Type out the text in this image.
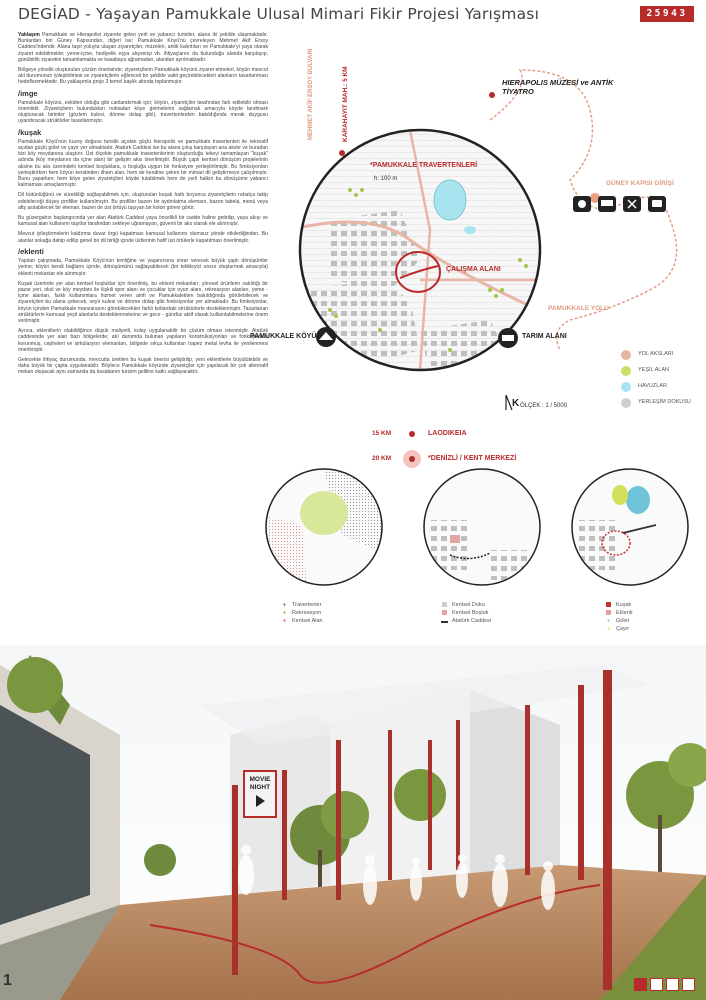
DEGİAD - Yaşayan Pamukkale Ulusal Mimari Fikir Projesi Yarışması	25943

Yaklaşım Pamukkale ve Hierapolisi ziyarete gelen yerli ve yabancı turistler, alana iki şekilde ulaşmaktadır. Bunlardan biri Güney Kapısından, diğeri ise; Pamukkale Köyü'nü çevreleyen Mehmet Akif Ersoy Caddesi'ndendir. Alana taşıt yoluyla ulaşan ziyaretçiler, müzeleri, antik kalıntıları ve Pamukkale'yi yaya olarak ziyaret edebilmekte; yeme-içme, hediyelik eşya alışverişi vb. ihtiyaçlarını da bulunduğu alanda karşılayıp, günübirlik ziyaretini tamamlamakta ve kasabaya uğramadan, alandan ayrılmaktadır.

Bölgeye yönelik oluşturulan çözüm önerisinde; ziyaretçilerin Pamukkale köyünü ziyaret etmeleri, köyün mevcut atıl durumunun iyileştirilmesi ve ziyaretçilerin eğlenceli bir şekilde vakit geçirebilecekleri alanların tasarlanması hedeflenmektedir. Bu yaklaşımla proje 3 temel başlık altında toplanmıştır.

/imge

Pamukkale köyünü, eskiden olduğu gibi canlandırmak için; köyün, ziyaretçiler tarafından fark edilebilir olması önemlidir. Ziyaretçilerin bulundukları noktadan köye gelmelerini sağlamak amacıyla köyde landmark oluşturacak birimler (gözlem kulesi, dönme dolap gibi), travertenlerden bakıldığında merak duygusu uyandıracak strüktürler tasarlanmıştır.

/kuşak

Pamukkale Köyü'nün kuzey doğusu turistik açıdan güçlü hierapolis ve pamukkale travertenleri ile rekreatif açıdan güçlü gölet ve çayır yer almaktadır. Atatürk Caddesi ise bu alana çıkış karşılayan ana akstır ve buradan bizi köy meydanına ulaştırır. Üst ölçekte pamukkale travertenlerinin oluşturduğu tekeyi tamamlayan "kuşak" adında (köy meydanını da içine alan) bir gelişim aksı önerilmiştir. Büyük çaplı kentsel dönüşüm projelerinin aksine bu aks üzerindeki kentsel boşluklara, o boşluğa uygun bir fonksiyon yerleştirilmiştir. Bu fonksiyonları yerleştirirken hem köyün kendinden ilham alan, hem de kendine çeken bir mimari dil geliştirmeye çalışılmıştır. Bunu yaparken; hem köye gelen ziyaretçileri köyde tutabilmek hem de yerli halkın bu dönüşüme yabancı kalmaması amaçlanmıştır.

Dil bütünlüğünü ve sürekliliği sağlayabilmek için, oluşturulan kuşak hattı boyunca ziyaretçilerin rahatça takip edebileceği düşey profiller kullanılmıştır. Bu profiller bazen bir aydınlatma elemanı, bazen tabela, menü veya afiş asılabilecek bir eleman, bazen de üst örtüyü taşıyan bir kolon görevi görür.

Bu güzergahın başlangıcında yer alan Atatürk Caddesi yaya öncelikli bir cadde haline getirilip, yaya akışı ve kamusal alan kullanımı taşıtlar tarafından sekteye uğramayan, güvenli bir aks olarak ele alınmıştır.

Mevcut iyileştirmelerin kaldırma duvar örgü kapatması kamusal kullanımı olumsuz yönde etkilediğinden. Bu alanlar sokağa dahip edilip genel bir dil birliği içinde üstlerinin hafif üst örtülerle kapatılması önerilmiştir.

/eklenti

Yapılan çalışmada, Pamukkale Köyü'nün kimliğine ve yaşanırsına zorar verecek büyük çaplı dönüşümler yerine; köyün kendi bağlamı içinde, dönüşümünü sağlayabilecek (bir tetikleyici unsur oluşturmak amacıyla) eklenti mekanlar ele alınmıştır.

Kuşak üzerinde yer alan kentsel boşluklar için önerilmiş, bu eklenti mekanları; yöresel ürünlerin satıldığı bir pazar yeri, okul ve köy meydanı ile ilişkili spor alanı ve çocuklar için oyun alanı, rekreasyon alanları, yeme - içme alanları, farklı kullanımlara hizmet veren amfi ve Pamukkalekten bakıldığında görülebilecek ve ziyaretçileri bu alana çekecek, seyir kulesi ve dönme dolap gibi fonksiyonlar yer almaktadır. Bu fonksiyonlar, köyün içinden Pamukkale manzarasını görebilecekleri farklı kotlardaki strüktürlerle desteklenmiştir. Tasarlanan strüktürlerin kamusal yeşil alanlarla desteklenmelerine ve gece - gündüz aktif olarak kullanılabilmelerine önem verilmiştir.

Ayrıca, eklentilerin olabildiğince düşük maliyetli, kolay uygulanabilir bir çözüm olması istenmiştir. Atatürk caddesinde yer alan bazı bölgelerde; atıl durumda bulunan yapıların konstrüksiyonları ve fonksiyonları korunmuş, cepheleri ve sirkülasyon elemanları, bölgede sıkça kullanılan trapez metal levha ile yenilenmesi önerilmiştir.

Gelecekte ihtiyaç durumunda, mevcutta üretilen bu kuşak önerisi geliştirilip, yeni eklentilerle büyütülebilir ve daha büyük bir çapta uygulanabilir. Böylece Pamukkale köyünde ziyaretçiler için yapılacak bir çok alternatif mekan oluşacak aynı zamanda da kasabanın turizim geliline katkı sağlayacaktır.

MEHMET AKİF ERSOY BULVARI	KARAHAYIT MAH.: 5 KM	HIERAPOLIS MÜZESİ ve ANTİK TİYATRO
GÜNEY KAPISI GİRİŞİ
*PAMUKKALE TRAVERTENLERİ
h: 100 m
ÇALIŞMA ALANI
PAMUKKALE YOLU
PAMUKKALE KÖYÜ	TARIM ALANI
K ÖLÇEK : 1 / 5000
15 KM	LAODIKEIA
20 KM	*DENİZLİ / KENT MERKEZİ
YOL AKSLARI
YEŞİL ALAN
HAVUZLAR
YERLEŞİM DOKUSU
+ Travertenler
+ Rekreasyon
+ Kentsel Alan
Kentsel Doku
Kentsel Boşluk
Atatürk Caddesi
Kuşak
Eklenti
+ Gölet
+ Çayır
MOVIE
NIGHT
1
